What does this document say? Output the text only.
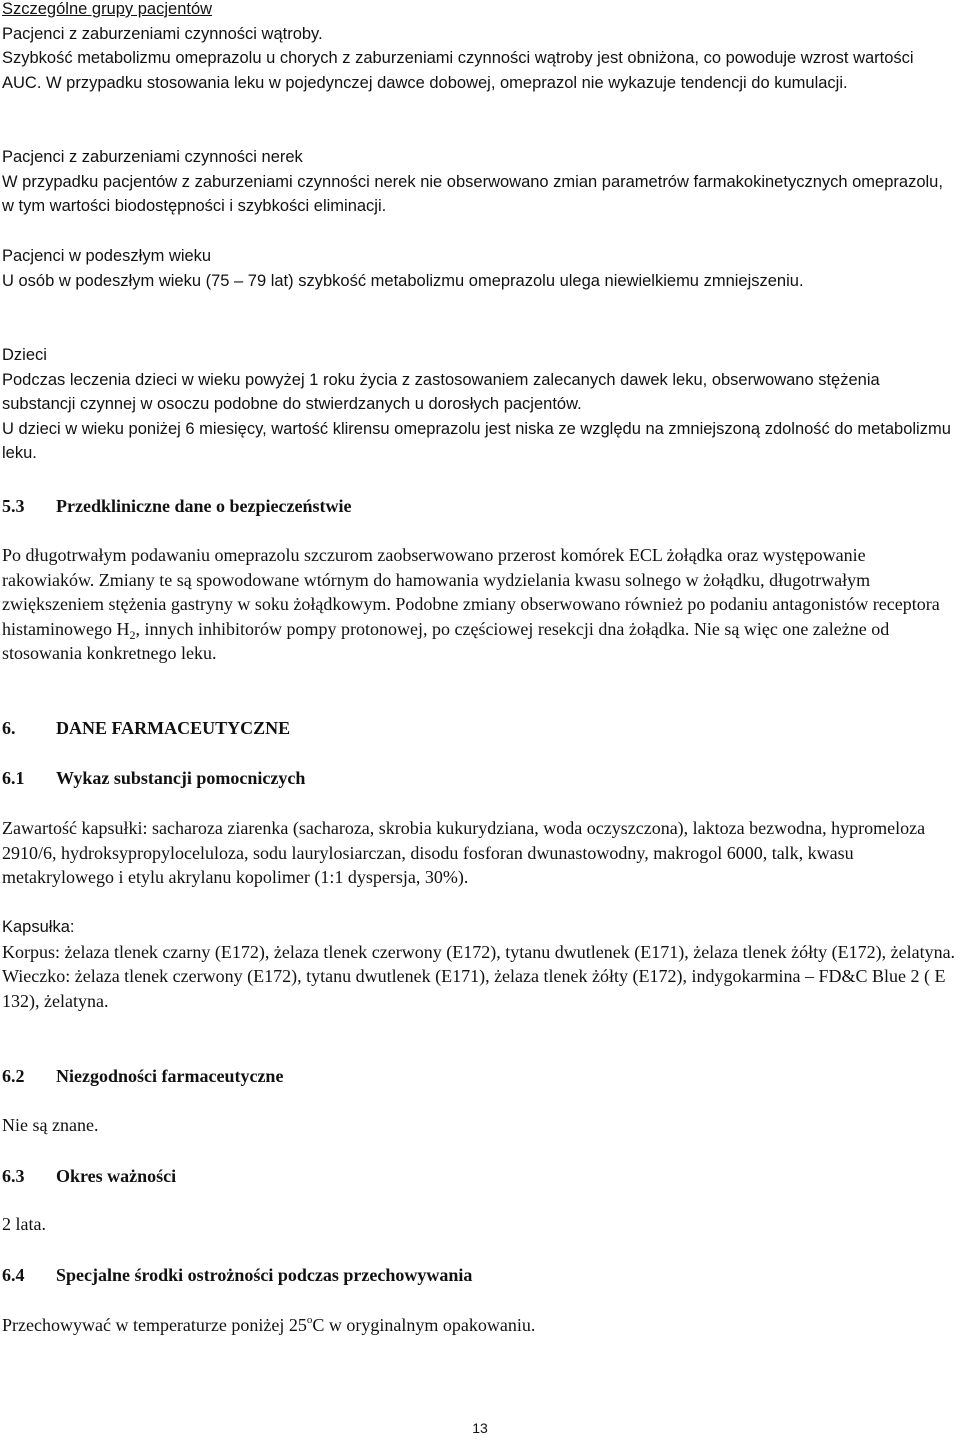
Szczególne grupy pacjentów
Pacjenci z zaburzeniami czynności wątroby.
Szybkość metabolizmu omeprazolu u chorych z zaburzeniami czynności wątroby jest obniżona, co powoduje wzrost wartości AUC. W przypadku stosowania leku w pojedynczej dawce dobowej, omeprazol nie wykazuje tendencji do kumulacji.
Pacjenci z zaburzeniami czynności nerek
W przypadku pacjentów z zaburzeniami czynności nerek nie obserwowano zmian parametrów farmakokinetycznych omeprazolu, w tym wartości biodostępności i szybkości eliminacji.
Pacjenci w podeszłym wieku
U osób w podeszłym wieku (75 – 79 lat) szybkość metabolizmu omeprazolu ulega niewielkiemu zmniejszeniu.
Dzieci
Podczas leczenia dzieci w wieku powyżej 1 roku życia z zastosowaniem zalecanych dawek leku, obserwowano stężenia substancji czynnej w osoczu podobne do stwierdzanych u dorosłych pacjentów.
U dzieci w wieku poniżej 6 miesięcy, wartość klirensu omeprazolu jest niska ze względu na zmniejszoną zdolność do metabolizmu leku.
5.3 Przedkliniczne dane o bezpieczeństwie
Po długotrwałym podawaniu omeprazolu szczurom zaobserwowano przerost komórek ECL żołądka oraz występowanie rakowiaków. Zmiany te są spowodowane wtórnym do hamowania wydzielania kwasu solnego w żołądku, długotrwałym zwiększeniem stężenia gastryny w soku żołądkowym. Podobne zmiany obserwowano również po podaniu antagonistów receptora histaminowego $H_2$, innych inhibitorów pompy protonowej, po częściowej resekcji dna żołądka. Nie są więc one zależne od stosowania konkretnego leku.
6. DANE FARMACEUTYCZNE
6.1 Wykaz substancji pomocniczych
Zawartość kapsułki: sacharoza ziarenka (sacharoza, skrobia kukurydziana, woda oczyszczona), laktoza bezwodna, hypromeloza 2910/6, hydroksypropyloceluloza, sodu laurylosiarczan, disodu fosforan dwunastowodny, makrogol 6000, talk, kwasu metakrylowego i etylu akrylanu kopolimer (1:1 dyspersja, 30%).
Kapsułka:
Korpus: żelaza tlenek czarny (E172), żelaza tlenek czerwony (E172), tytanu dwutlenek (E171), żelaza tlenek żółty (E172), żelatyna.
Wieczko: żelaza tlenek czerwony (E172), tytanu dwutlenek (E171), żelaza tlenek żółty (E172), indygokarmina – FD&C Blue 2 ( E 132), żelatyna.
6.2 Niezgodności farmaceutyczne
Nie są znane.
6.3 Okres ważności
2 lata.
6.4 Specjalne środki ostrożności podczas przechowywania
Przechowywać w temperaturze poniżej 25$^o$C w oryginalnym opakowaniu.
13
